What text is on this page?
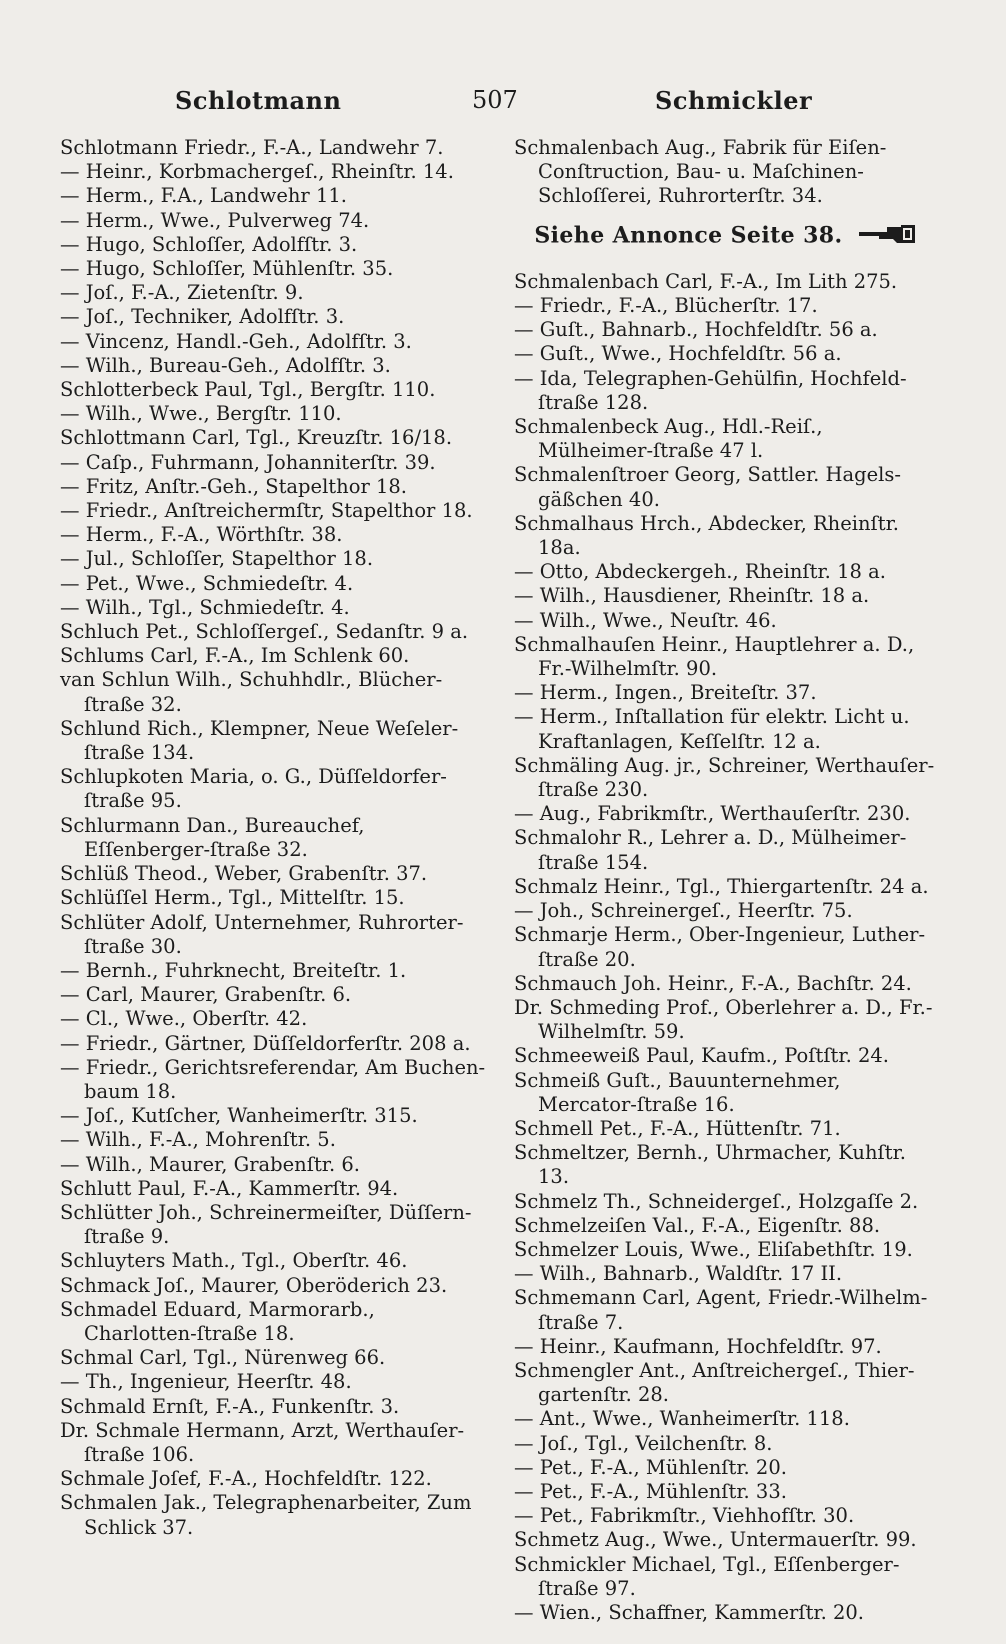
Schlotmann	507	Schmickler
Schlotmann Friedr., F.-A., Landwehr 7.
— Heinr., Korbmachergeſ., Rheinſtr. 14.
— Herm., F.A., Landwehr 11.
— Herm., Wwe., Pulverweg 74.
— Hugo, Schloſſer, Adolfſtr. 3.
— Hugo, Schloſſer, Mühlenſtr. 35.
— Joſ., F.-A., Zietenſtr. 9.
— Joſ., Techniker, Adolfſtr. 3.
— Vincenz, Handl.-Geh., Adolfſtr. 3.
— Wilh., Bureau-Geh., Adolfſtr. 3.
Schlotterbeck Paul, Tgl., Bergſtr. 110.
— Wilh., Wwe., Bergſtr. 110.
Schlottmann Carl, Tgl., Kreuzſtr. 16/18.
— Caſp., Fuhrmann, Johanniterſtr. 39.
— Fritz, Anſtr.-Geh., Stapelthor 18.
— Friedr., Anſtreichermſtr, Stapelthor 18.
— Herm., F.-A., Wörthſtr. 38.
— Jul., Schloſſer, Stapelthor 18.
— Pet., Wwe., Schmiedeſtr. 4.
— Wilh., Tgl., Schmiedeſtr. 4.
Schluch Pet., Schloſſergeſ., Sedanſtr. 9 a.
Schlums Carl, F.-A., Im Schlenk 60.
van Schlun Wilh., Schuhhdlr., Blücher-ſtraße 32.
Schlund Rich., Klempner, Neue Weſeler-ſtraße 134.
Schlupkoten Maria, o. G., Düſſeldorfer-ſtraße 95.
Schlurmann Dan., Bureauchef, Eſſenberger-ſtraße 32.
Schlüß Theod., Weber, Grabenſtr. 37.
Schlüſſel Herm., Tgl., Mittelſtr. 15.
Schlüter Adolf, Unternehmer, Ruhrorter-ſtraße 30.
— Bernh., Fuhrknecht, Breiteſtr. 1.
— Carl, Maurer, Grabenſtr. 6.
— Cl., Wwe., Oberſtr. 42.
— Friedr., Gärtner, Düſſeldorferſtr. 208 a.
— Friedr., Gerichtsreferendar, Am Buchen-baum 18.
— Joſ., Kutſcher, Wanheimerſtr. 315.
— Wilh., F.-A., Mohrenſtr. 5.
— Wilh., Maurer, Grabenſtr. 6.
Schlutt Paul, F.-A., Kammerſtr. 94.
Schlütter Joh., Schreinermeiſter, Düſſern-ſtraße 9.
Schluyters Math., Tgl., Oberſtr. 46.
Schmack Joſ., Maurer, Oberöderich 23.
Schmadel Eduard, Marmorarb., Charlotten-ſtraße 18.
Schmal Carl, Tgl., Nürenweg 66.
— Th., Ingenieur, Heerſtr. 48.
Schmald Ernſt, F.-A., Funkenſtr. 3.
Dr. Schmale Hermann, Arzt, Werthauſer-ſtraße 106.
Schmale Joſef, F.-A., Hochfeldſtr. 122.
Schmalen Jak., Telegraphenarbeiter, Zum Schlick 37.
Schmalenbach Aug., Fabrik für Eiſen-Conſtruction, Bau- u. Maſchinen-Schloſſerei, Ruhrorterſtr. 34.
Siehe Annonce Seite 38.
Schmalenbach Carl, F.-A., Im Lith 275.
— Friedr., F.-A., Blücherſtr. 17.
— Guſt., Bahnarb., Hochfeldſtr. 56 a.
— Guſt., Wwe., Hochfeldſtr. 56 a.
— Ida, Telegraphen-Gehülfin, Hochfeld-ſtraße 128.
Schmalenbeck Aug., Hdl.-Reiſ., Mülheimer-ſtraße 47 l.
Schmalenſtroer Georg, Sattler. Hagels-gäßchen 40.
Schmalhaus Hrch., Abdecker, Rheinſtr. 18a.
— Otto, Abdeckergeh., Rheinſtr. 18 a.
— Wilh., Hausdiener, Rheinſtr. 18 a.
— Wilh., Wwe., Neuſtr. 46.
Schmalhauſen Heinr., Hauptlehrer a. D., Fr.-Wilhelmſtr. 90.
— Herm., Ingen., Breiteſtr. 37.
— Herm., Inſtallation für elektr. Licht u. Kraftanlagen, Keſſelſtr. 12 a.
Schmäling Aug. jr., Schreiner, Werthauſer-ſtraße 230.
— Aug., Fabrikmſtr., Werthauſerſtr. 230.
Schmalohr R., Lehrer a. D., Mülheimer-ſtraße 154.
Schmalz Heinr., Tgl., Thiergartenſtr. 24 a.
— Joh., Schreinergeſ., Heerſtr. 75.
Schmarje Herm., Ober-Ingenieur, Luther-ſtraße 20.
Schmauch Joh. Heinr., F.-A., Bachſtr. 24.
Dr. Schmeding Prof., Oberlehrer a. D., Fr.-Wilhelmſtr. 59.
Schmeeweiß Paul, Kaufm., Poſtſtr. 24.
Schmeiß Guſt., Bauunternehmer, Mercator-ſtraße 16.
Schmell Pet., F.-A., Hüttenſtr. 71.
Schmeltzer, Bernh., Uhrmacher, Kuhſtr. 13.
Schmelz Th., Schneidergeſ., Holzgaſſe 2.
Schmelzeiſen Val., F.-A., Eigenſtr. 88.
Schmelzer Louis, Wwe., Eliſabethſtr. 19.
— Wilh., Bahnarb., Waldſtr. 17 II.
Schmemann Carl, Agent, Friedr.-Wilhelm-ſtraße 7.
— Heinr., Kaufmann, Hochfeldſtr. 97.
Schmengler Ant., Anſtreichergeſ., Thier-gartenſtr. 28.
— Ant., Wwe., Wanheimerſtr. 118.
— Joſ., Tgl., Veilchenſtr. 8.
— Pet., F.-A., Mühlenſtr. 20.
— Pet., F.-A., Mühlenſtr. 33.
— Pet., Fabrikmſtr., Viehhofſtr. 30.
Schmetz Aug., Wwe., Untermauerſtr. 99.
Schmickler Michael, Tgl., Eſſenberger-ſtraße 97.
— Wien., Schaffner, Kammerſtr. 20.
